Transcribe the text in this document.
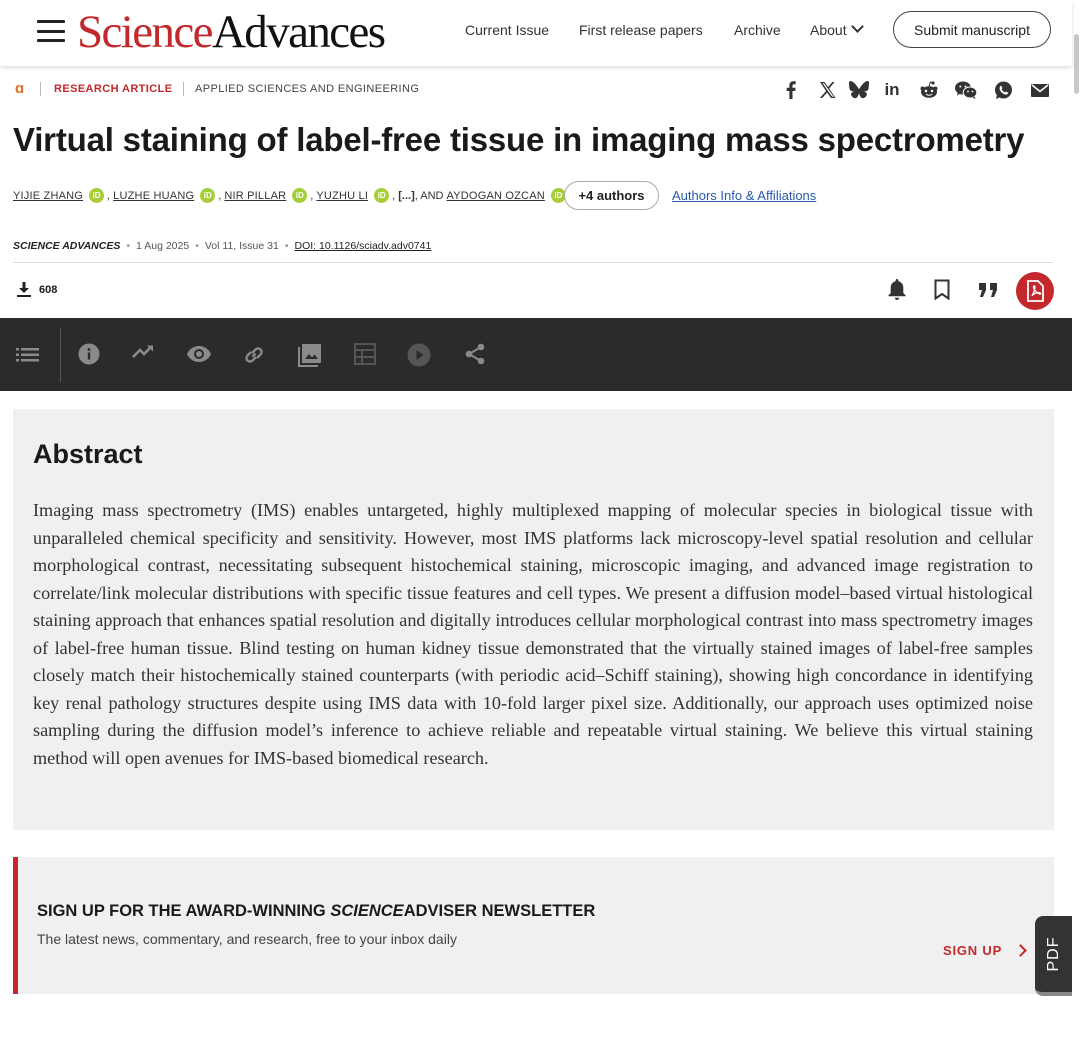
ScienceAdvances	Current Issue First release papers Archive About	Submit manuscript
ɑ	RESEARCH ARTICLE APPLIED SCIENCES AND ENGINEERING	in
Virtual staining of label-free tissue in imaging mass spectrometry
YIJIE ZHANG	iD , LUZHE HUANG	iD , NIR PILLAR	iD , YUZHU LI	iD , [...] , AND
AYDOGAN OZCAN	iD	+4 authors	Authors Info & Affiliations
SCIENCE ADVANCES • 1 Aug 2025 • Vol 11, Issue 31 • DOI: 10.1126/sciadv.adv0741
608
Abstract

Imaging mass spectrometry (IMS) enables untargeted, highly multiplexed mapping of molecular species in biological tissue with unparalleled chemical specificity and sensitivity. However, most IMS platforms lack microscopy-level spatial resolution and cellular morphological contrast, necessitating subsequent histochemical staining, microscopic imaging, and advanced image registration to correlate/link molecular distributions with specific tissue features and cell types. We present a diffusion model–based virtual histological staining approach that enhances spatial resolution and digitally introduces cellular morphological contrast into mass spectrometry images of label-free human tissue. Blind testing on human kidney tissue demonstrated that the virtually stained images of label-free samples closely match their histochemically stained counterparts (with periodic acid–Schiff staining), showing high concordance in identifying key renal pathology structures despite using IMS data with 10-fold larger pixel size. Additionally, our approach uses optimized noise sampling during the diffusion model’s inference to achieve reliable and repeatable virtual staining. We believe this virtual staining method will open avenues for IMS-based biomedical research.

SIGN UP FOR THE AWARD-WINNING SCIENCEADVISER NEWSLETTER
The latest news, commentary, and research, free to your inbox daily
SIGN UP	PDF
